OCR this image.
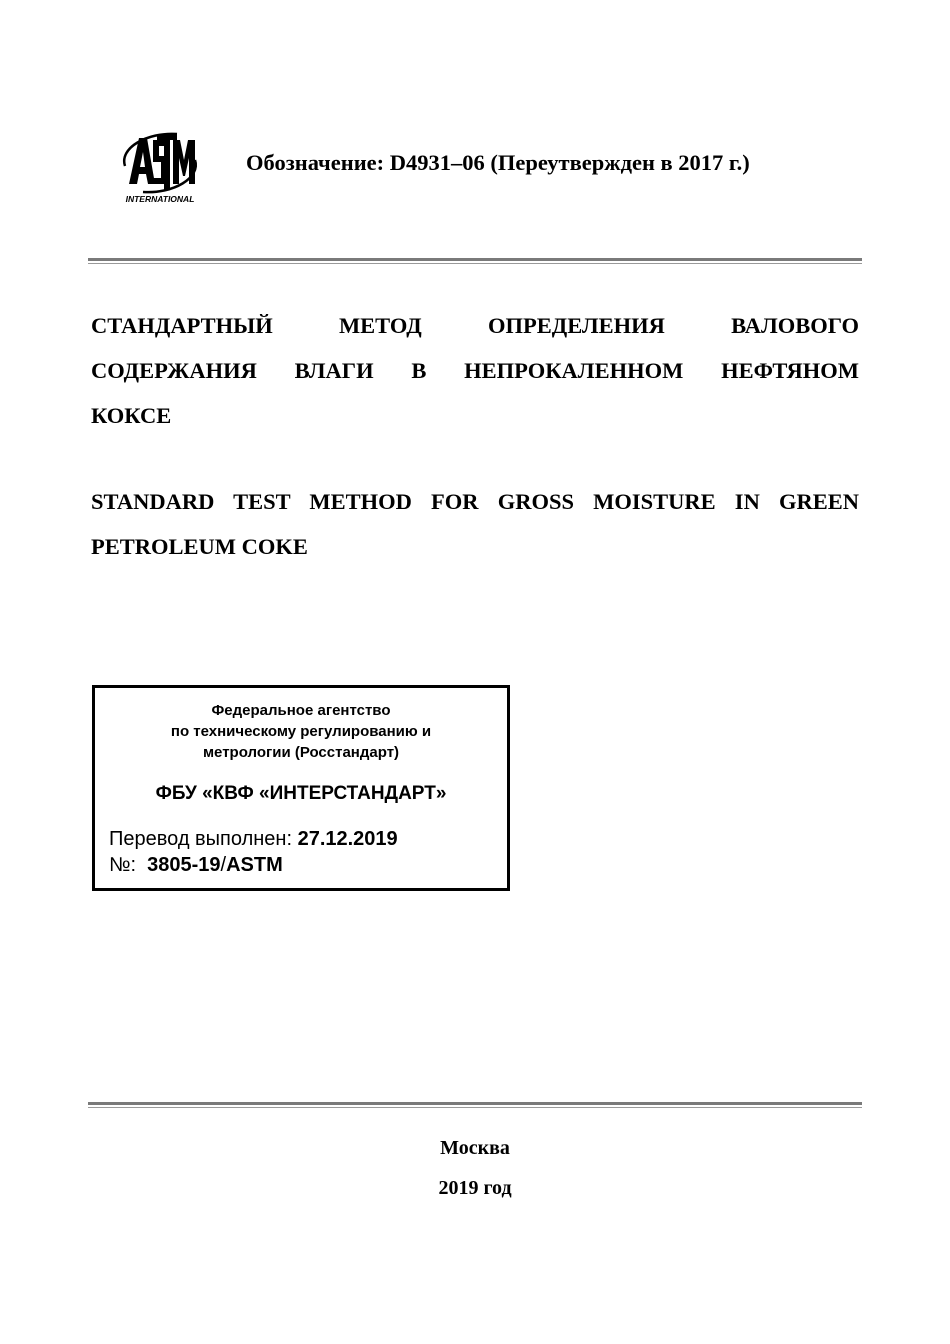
INTERNATIONAL
Обозначение: D4931–06 (Переутвержден в 2017 г.)
СТАНДАРТНЫЙ МЕТОД ОПРЕДЕЛЕНИЯ ВАЛОВОГО
СОДЕРЖАНИЯ ВЛАГИ В НЕПРОКАЛЕННОМ НЕФТЯНОМ
КОКСЕ
STANDARD TEST METHOD FOR GROSS MOISTURE IN GREEN
PETROLEUM COKE
Федеральное агентство
по техническому регулированию и
метрологии (Росстандарт)
ФБУ «КВФ «ИНТЕРСТАНДАРТ»
Перевод выполнен: 27.12.2019
№: 3805-19/ASTM
Москва
2019 год
